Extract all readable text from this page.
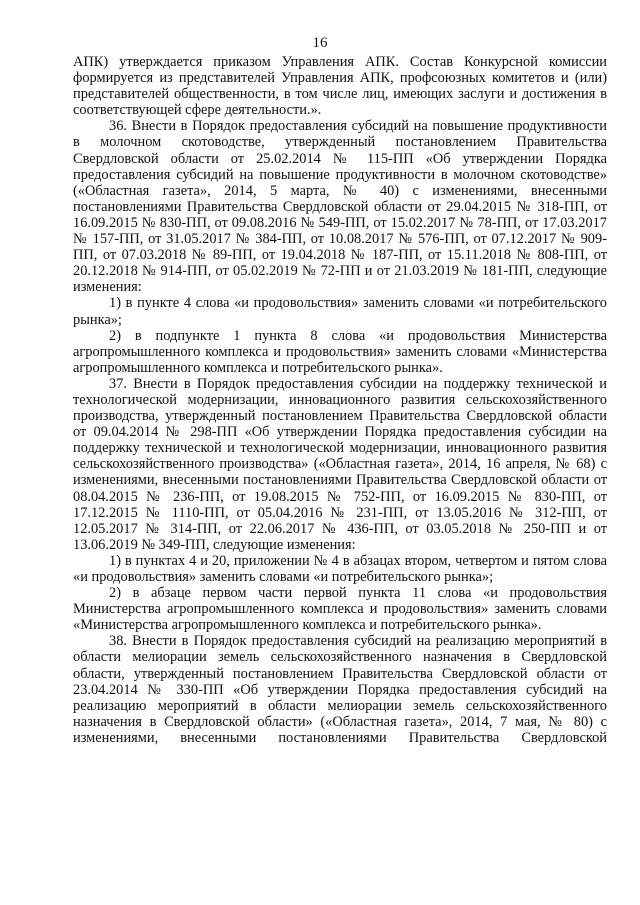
16

АПК) утверждается приказом Управления АПК. Состав Конкурсной комиссии формируется из представителей Управления АПК, профсоюзных комитетов и (или) представителей общественности, в том числе лиц, имеющих заслуги и достижения в соответствующей сфере деятельности.».

36. Внести в Порядок предоставления субсидий на повышение продуктивности в молочном скотоводстве, утвержденный постановлением Правительства Свердловской области от 25.02.2014 № 115-ПП «Об утверждении Порядка предоставления субсидий на повышение продуктивности в молочном скотоводстве» («Областная газета», 2014, 5 марта, № 40) с изменениями, внесенными постановлениями Правительства Свердловской области от 29.04.2015 № 318-ПП, от 16.09.2015 № 830-ПП, от 09.08.2016 № 549-ПП, от 15.02.2017 № 78-ПП, от 17.03.2017 № 157-ПП, от 31.05.2017 № 384-ПП, от 10.08.2017 № 576-ПП, от 07.12.2017 № 909-ПП, от 07.03.2018 № 89-ПП, от 19.04.2018 № 187-ПП, от 15.11.2018 № 808-ПП, от 20.12.2018 № 914-ПП, от 05.02.2019 № 72-ПП и от 21.03.2019 № 181-ПП, следующие изменения:

1) в пункте 4 слова «и продовольствия» заменить словами «и потребительского рынка»;

2) в подпункте 1 пункта 8 слова «и продовольствия Министерства агропромышленного комплекса и продовольствия» заменить словами «Министерства агропромышленного комплекса и потребительского рынка».

37. Внести в Порядок предоставления субсидии на поддержку технической и технологической модернизации, инновационного развития сельскохозяйственного производства, утвержденный постановлением Правительства Свердловской области от 09.04.2014 № 298-ПП «Об утверждении Порядка предоставления субсидии на поддержку технической и технологической модернизации, инновационного развития сельскохозяйственного производства» («Областная газета», 2014, 16 апреля, № 68) с изменениями, внесенными постановлениями Правительства Свердловской области от 08.04.2015 № 236-ПП, от 19.08.2015 № 752-ПП, от 16.09.2015 № 830-ПП, от 17.12.2015 № 1110-ПП, от 05.04.2016 № 231-ПП, от 13.05.2016 № 312-ПП, от 12.05.2017 № 314-ПП, от 22.06.2017 № 436-ПП, от 03.05.2018 № 250-ПП и от 13.06.2019 № 349-ПП, следующие изменения:

1) в пунктах 4 и 20, приложении № 4 в абзацах втором, четвертом и пятом слова «и продовольствия» заменить словами «и потребительского рынка»;

2) в абзаце первом части первой пункта 11 слова «и продовольствия Министерства агропромышленного комплекса и продовольствия» заменить словами «Министерства агропромышленного комплекса и потребительского рынка».

38. Внести в Порядок предоставления субсидий на реализацию мероприятий в области мелиорации земель сельскохозяйственного назначения в Свердловской области, утвержденный постановлением Правительства Свердловской области от 23.04.2014 № 330-ПП «Об утверждении Порядка предоставления субсидий на реализацию мероприятий в области мелиорации земель сельскохозяйственного назначения в Свердловской области» («Областная газета», 2014, 7 мая, № 80) с изменениями, внесенными постановлениями Правительства Свердловской
